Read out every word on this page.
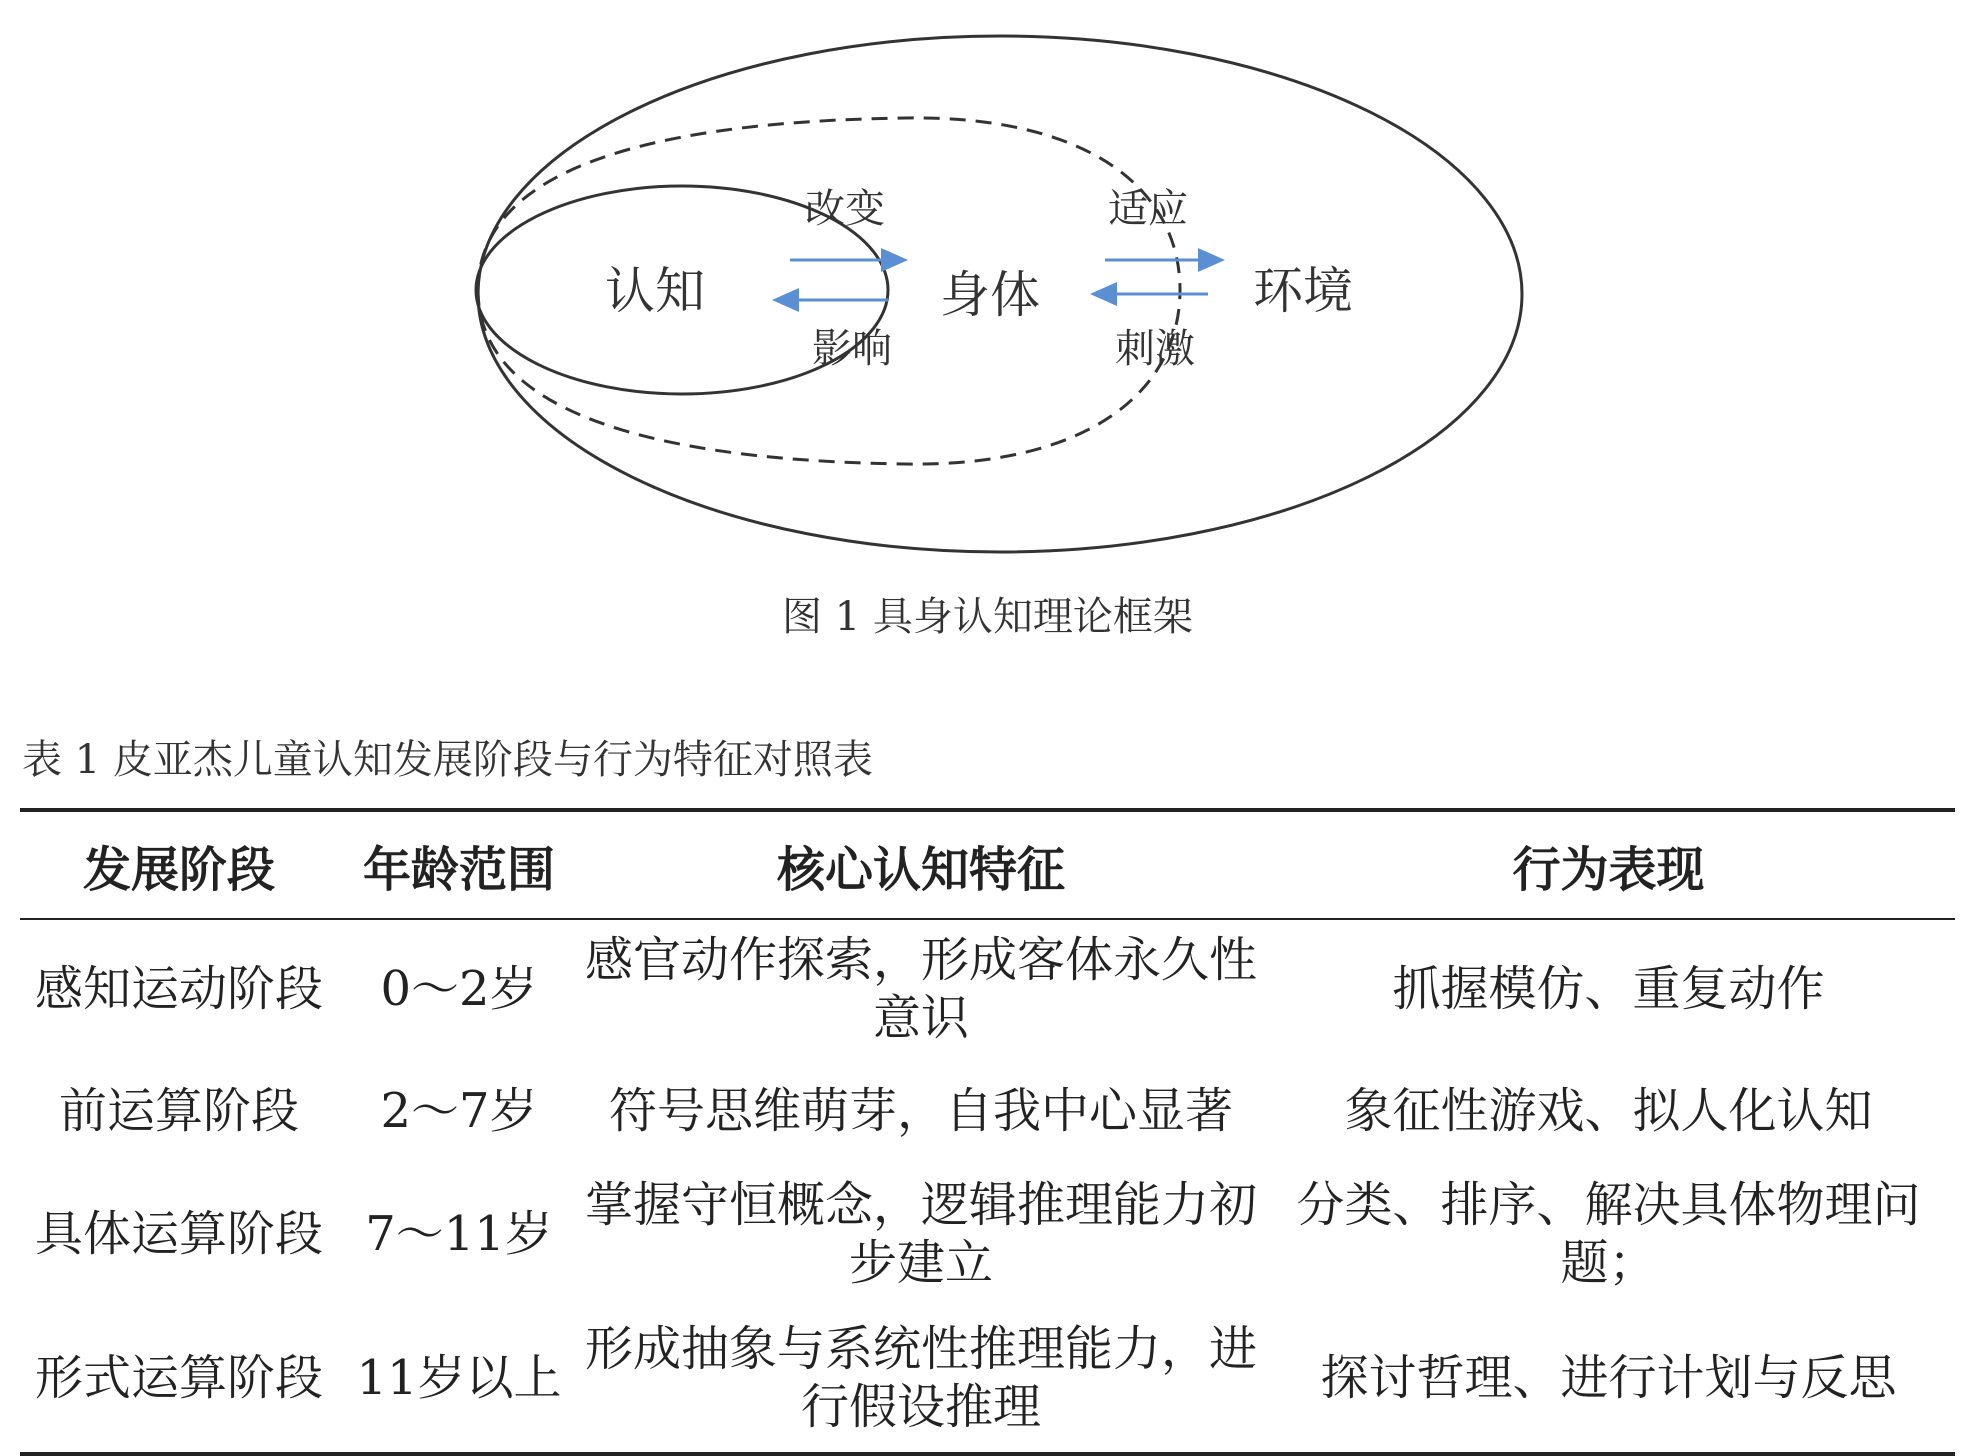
认知	身体	环境
改变
影响
适应
刺激
图 1 具身认知理论框架
表 1 皮亚杰儿童认知发展阶段与行为特征对照表
发展阶段	年龄范围	核心认知特征	行为表现
感知运动阶段	0～2岁	感官动作探索，形成客体永久性意识	抓握模仿、重复动作
前运算阶段	2～7岁	符号思维萌芽，自我中心显著	象征性游戏、拟人化认知
具体运算阶段	7～11岁	掌握守恒概念，逻辑推理能力初步建立	分类、排序、解决具体物理问题；
形式运算阶段	11岁以上	形成抽象与系统性推理能力，进行假设推理	探讨哲理、进行计划与反思
